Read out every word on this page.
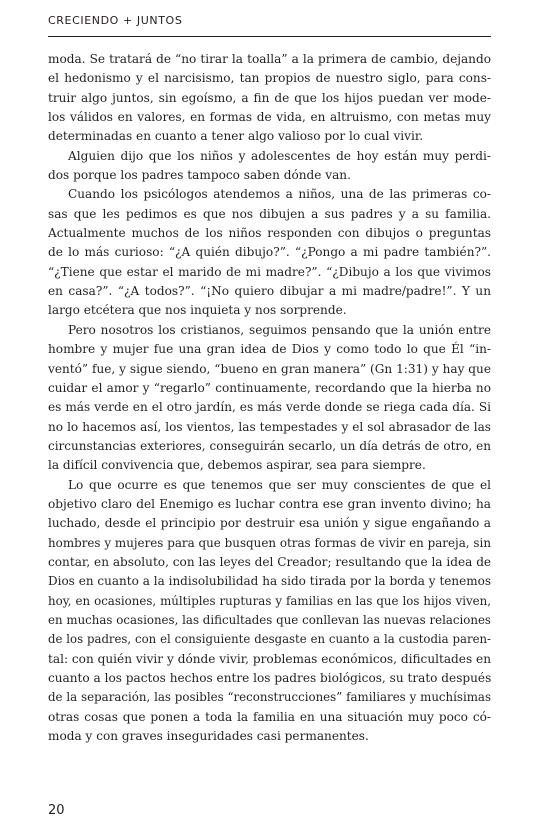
CRECIENDO + JUNTOS
moda. Se tratará de “no tirar la toalla” a la primera de cambio, dejando
el hedonismo y el narcisismo, tan propios de nuestro siglo, para cons-
truir algo juntos, sin egoísmo, a fin de que los hijos puedan ver mode-
los válidos en valores, en formas de vida, en altruismo, con metas muy
determinadas en cuanto a tener algo valioso por lo cual vivir.
Alguien dijo que los niños y adolescentes de hoy están muy perdi-
dos porque los padres tampoco saben dónde van.
Cuando los psicólogos atendemos a niños, una de las primeras co-
sas que les pedimos es que nos dibujen a sus padres y a su familia.
Actualmente muchos de los niños responden con dibujos o preguntas
de lo más curioso: “¿A quién dibujo?”. “¿Pongo a mi padre también?”.
“¿Tiene que estar el marido de mi madre?”. “¿Dibujo a los que vivimos
en casa?”. “¿A todos?”. “¡No quiero dibujar a mi madre/padre!”. Y un
largo etcétera que nos inquieta y nos sorprende.
Pero nosotros los cristianos, seguimos pensando que la unión entre
hombre y mujer fue una gran idea de Dios y como todo lo que Él “in-
ventó” fue, y sigue siendo, “bueno en gran manera” (Gn 1:31) y hay que
cuidar el amor y “regarlo” continuamente, recordando que la hierba no
es más verde en el otro jardín, es más verde donde se riega cada día. Si
no lo hacemos así, los vientos, las tempestades y el sol abrasador de las
circunstancias exteriores, conseguirán secarlo, un día detrás de otro, en
la difícil convivencia que, debemos aspirar, sea para siempre.
Lo que ocurre es que tenemos que ser muy conscientes de que el
objetivo claro del Enemigo es luchar contra ese gran invento divino; ha
luchado, desde el principio por destruir esa unión y sigue engañando a
hombres y mujeres para que busquen otras formas de vivir en pareja, sin
contar, en absoluto, con las leyes del Creador; resultando que la idea de
Dios en cuanto a la indisolubilidad ha sido tirada por la borda y tenemos
hoy, en ocasiones, múltiples rupturas y familias en las que los hijos viven,
en muchas ocasiones, las dificultades que conllevan las nuevas relaciones
de los padres, con el consiguiente desgaste en cuanto a la custodia paren-
tal: con quién vivir y dónde vivir, problemas económicos, dificultades en
cuanto a los pactos hechos entre los padres biológicos, su trato después
de la separación, las posibles “reconstrucciones” familiares y muchísimas
otras cosas que ponen a toda la familia en una situación muy poco có-
moda y con graves inseguridades casi permanentes.
20
